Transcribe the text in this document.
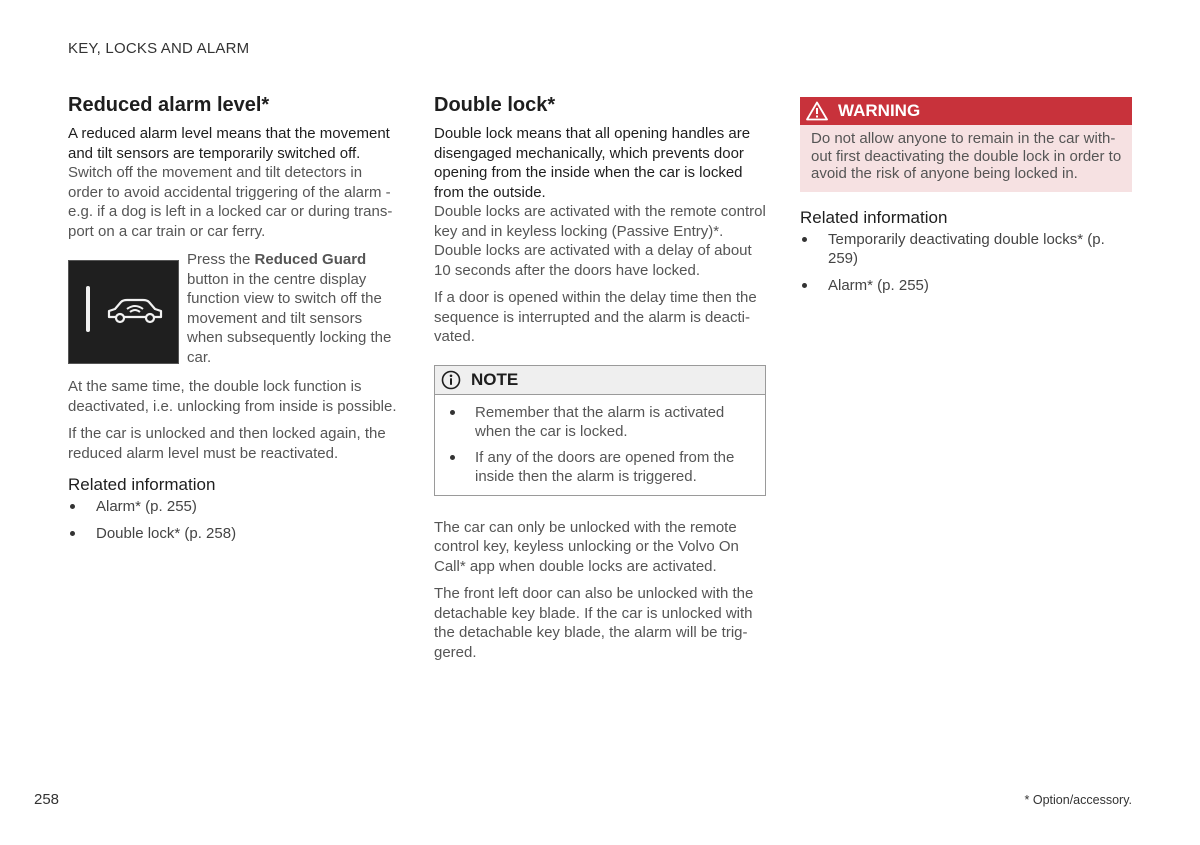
KEY, LOCKS AND ALARM
Reduced alarm level*

A reduced alarm level means that the movement and tilt sensors are temporarily switched off.

Switch off the movement and tilt detectors in order to avoid accidental triggering of the alarm - e.g. if a dog is left in a locked car or during transport on a car train or car ferry.

Press the Reduced Guard button in the centre display function view to switch off the movement and tilt sensors when subsequently locking the car.

At the same time, the double lock function is deactivated, i.e. unlocking from inside is possible.

If the car is unlocked and then locked again, the reduced alarm level must be reactivated.

Related information
Alarm* (p. 255)
Double lock* (p. 258)
Double lock*

Double lock means that all opening handles are disengaged mechanically, which prevents door opening from the inside when the car is locked from the outside.

Double locks are activated with the remote control key and in keyless locking (Passive Entry)*. Double locks are activated with a delay of about 10 seconds after the doors have locked.

If a door is opened within the delay time then the sequence is interrupted and the alarm is deactivated.

NOTE
Remember that the alarm is activated when the car is locked.
If any of the doors are opened from the inside then the alarm is triggered.

The car can only be unlocked with the remote control key, keyless unlocking or the Volvo On Call* app when double locks are activated.

The front left door can also be unlocked with the detachable key blade. If the car is unlocked with the detachable key blade, the alarm will be triggered.

WARNING

Do not allow anyone to remain in the car without first deactivating the double lock in order to avoid the risk of anyone being locked in.

Related information
Temporarily deactivating double locks* (p. 259)
Alarm* (p. 255)
258	* Option/accessory.
